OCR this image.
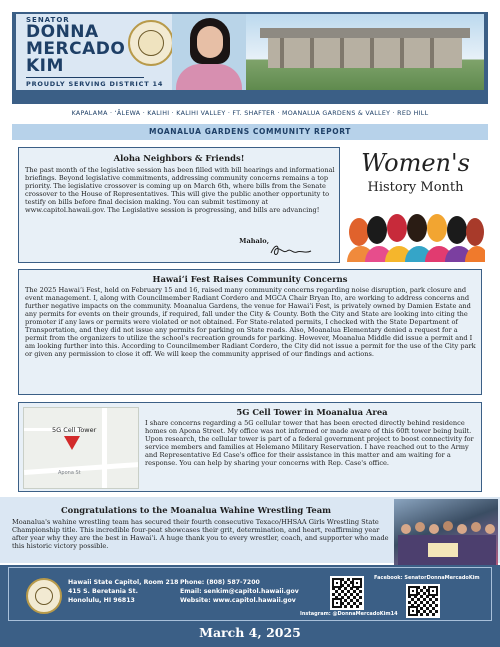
SENATOR
DONNA
MERCADO
KIM
PROUDLY SERVING DISTRICT 14
KAPALAMA · ʻĀLEWA · KALIHI · KALIHI VALLEY · FT. SHAFTER · MOANALUA GARDENS & VALLEY · RED HILL
MOANALUA GARDENS COMMUNITY REPORT
Aloha Neighbors & Friends!
The past month of the legislative session has been filled with bill hearings and informational briefings. Beyond legislative commitments, addressing community concerns remains a top priority. The legislative crossover is coming up on March 6th, where bills from the Senate crossover to the House of Representatives. This will give the public another opportunity to testify on bills before final decision making. You can submit testimony at www.capitol.hawaii.gov. The Legislative session is progressing, and bills are advancing!
Mahalo,
Women's
History Month
Hawaiʻi Fest Raises Community Concerns
The 2025 Hawaiʻi Fest, held on February 15 and 16, raised many community concerns regarding noise disruption, park closure and event management. I, along with Councilmember Radiant Cordero and MGCA Chair Bryan Ito, are working to address concerns and further negative impacts on the community. Moanalua Gardens, the venue for Hawaiʻi Fest, is privately owned by Damien Estate and any permits for events on their grounds, if required, fall under the City & County. Both the City and State are looking into citing the promoter if any laws or permits were violated or not obtained. For State-related permits, I checked with the State Department of Transportation, and they did not issue any permits for parking on State roads. Also, Moanalua Elementary denied a request for a permit from the organizers to utilize the school's recreation grounds for parking. However, Moanalua Middle did issue a permit and I am looking further into this. According to Councilmember Radiant Cordero, the City did not issue a permit for the use of the City park or given any permission to close it off. We will keep the community apprised of our findings and actions.
Apona St
5G Cell Tower
5G Cell Tower in Moanalua Area
I share concerns regarding a 5G cellular tower that has been erected directly behind residence homes on Apona Street. My office was not informed or made aware of this 60ft tower being built. Upon research, the cellular tower is part of a federal government project to boost connectivity for service members and families at Helemano Military Reservation. I have reached out to the Army and Representative Ed Case's office for their assistance in this matter and am waiting for a response. You can help by sharing your concerns with Rep. Case's office.
Congratulations to the Moanalua Wahine Wrestling Team
Moanalua's wahine wrestling team has secured their fourth consecutive Texaco/HHSAA Girls Wrestling State Championship title. This incredible four-peat showcases their grit, determination, and heart, reaffirming year after year why they are the best in Hawaiʻi. A huge thank you to every wrestler, coach, and supporter who made this historic victory possible.
Hawaii State Capitol, Room 218
415 S. Beretania St.
Honolulu, HI 96813
Phone: (808) 587-7200
Email: senkim@capitol.hawaii.gov
Website: www.capitol.hawaii.gov
Instagram: @DonnaMercadoKim14
Facebook: SenatorDonnaMercadoKim
March 4, 2025
